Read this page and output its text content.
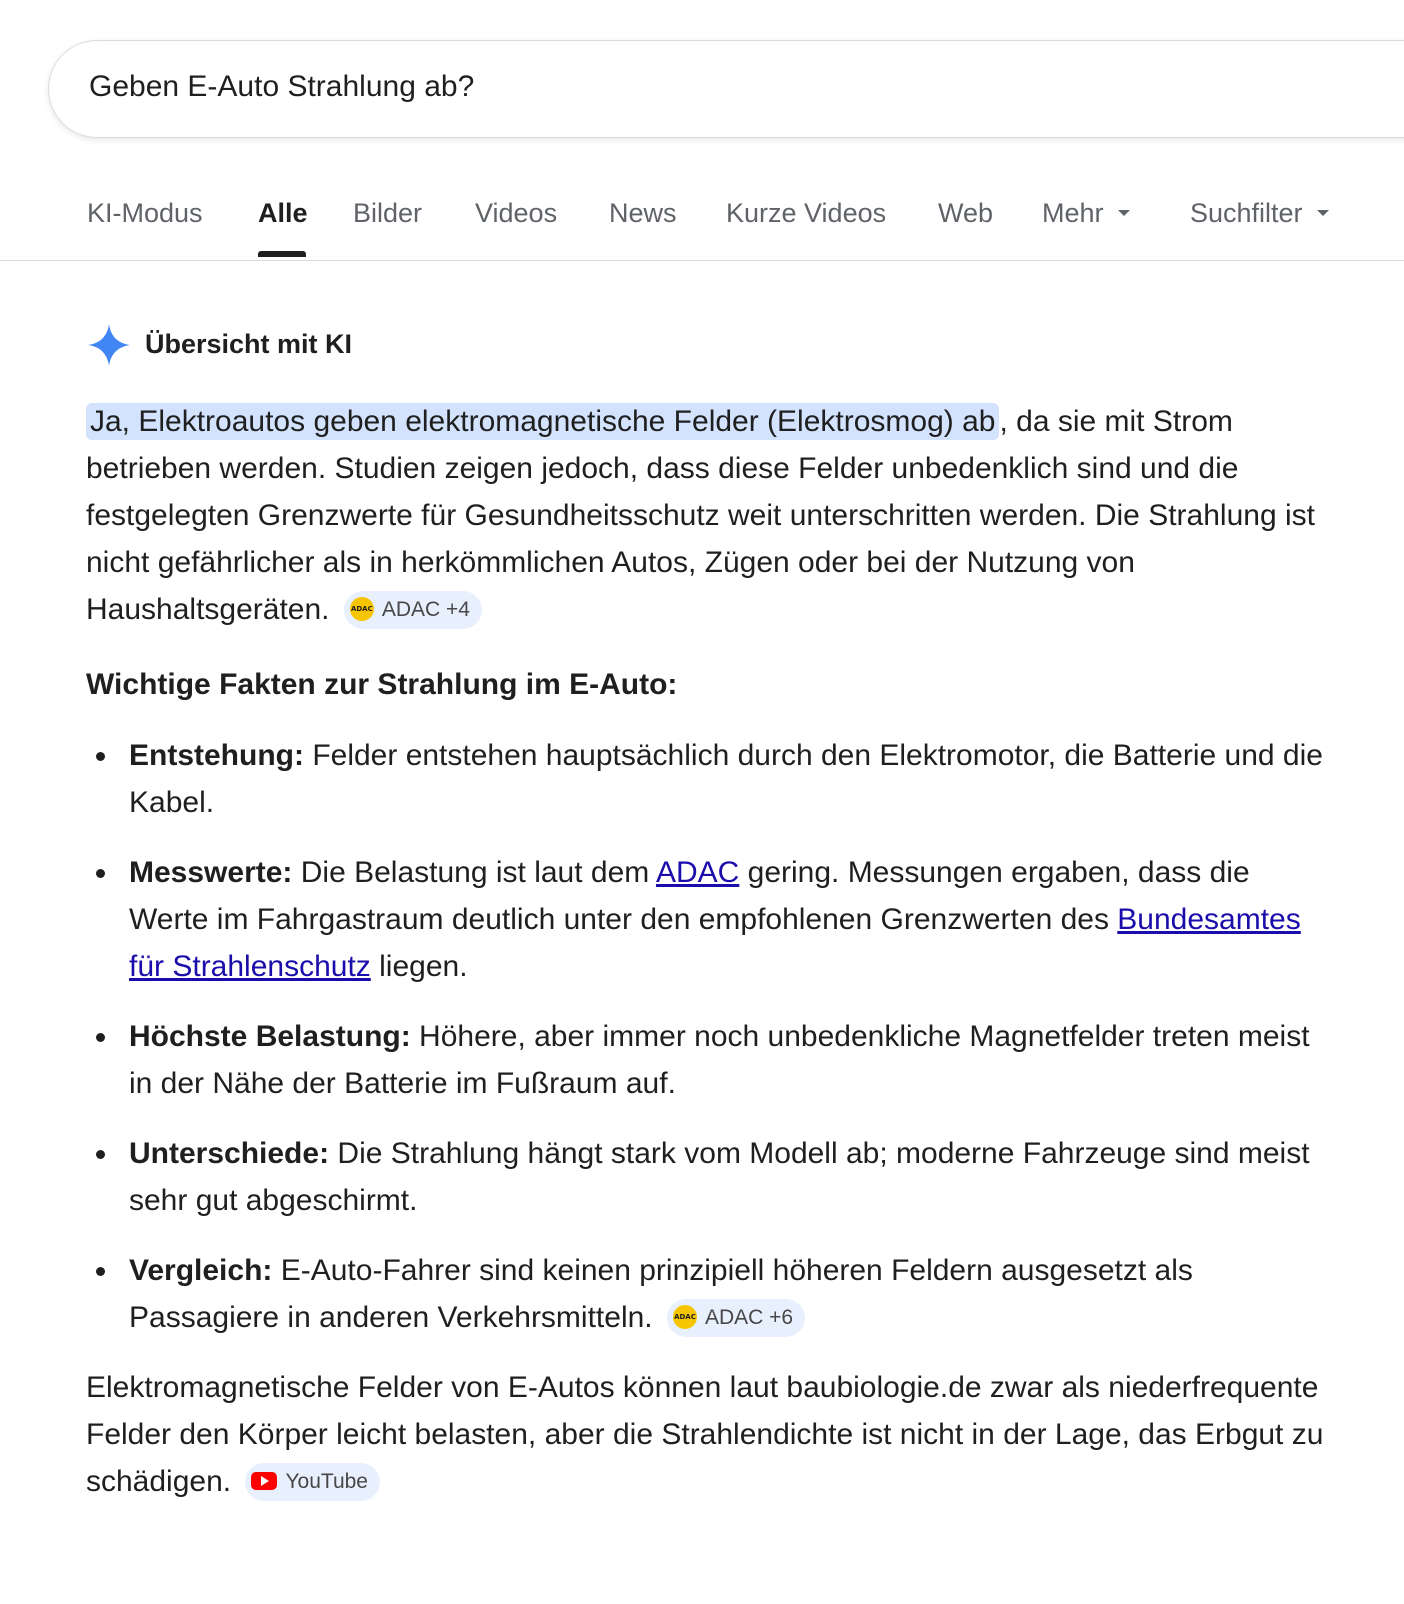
Geben E-Auto Strahlung ab?
KI-Modus Alle Bilder Videos News Kurze Videos Web Mehr	Suchfilter
Übersicht mit KI
Ja, Elektroautos geben elektromagnetische Felder (Elektrosmog) ab , da sie mit Strom betrieben werden. Studien zeigen jedoch, dass diese Felder unbedenklich sind und die festgelegten Grenzwerte für Gesundheitsschutz weit unterschritten werden. Die Strahlung ist nicht gefährlicher als in herkömmlichen Autos, Zügen oder bei der Nutzung von Haushaltsgeräten.	ADAC ADAC +4
Wichtige Fakten zur Strahlung im E-Auto:
Entstehung: Felder entstehen hauptsächlich durch den Elektromotor, die Batterie und die Kabel.
Messwerte: Die Belastung ist laut dem ADAC gering. Messungen ergaben, dass die Werte im Fahrgastraum deutlich unter den empfohlenen Grenzwerten des Bundesamtes für Strahlenschutz liegen.
Höchste Belastung: Höhere, aber immer noch unbedenkliche Magnetfelder treten meist in der Nähe der Batterie im Fußraum auf.
Unterschiede: Die Strahlung hängt stark vom Modell ab; moderne Fahrzeuge sind meist sehr gut abgeschirmt.
Vergleich: E-Auto-Fahrer sind keinen prinzipiell höheren Feldern ausgesetzt als Passagiere in anderen Verkehrsmitteln.	ADAC ADAC +6
Elektromagnetische Felder von E-Autos können laut baubiologie.de zwar als niederfrequente Felder den Körper leicht belasten, aber die Strahlendichte ist nicht in der Lage, das Erbgut zu schädigen.	YouTube
